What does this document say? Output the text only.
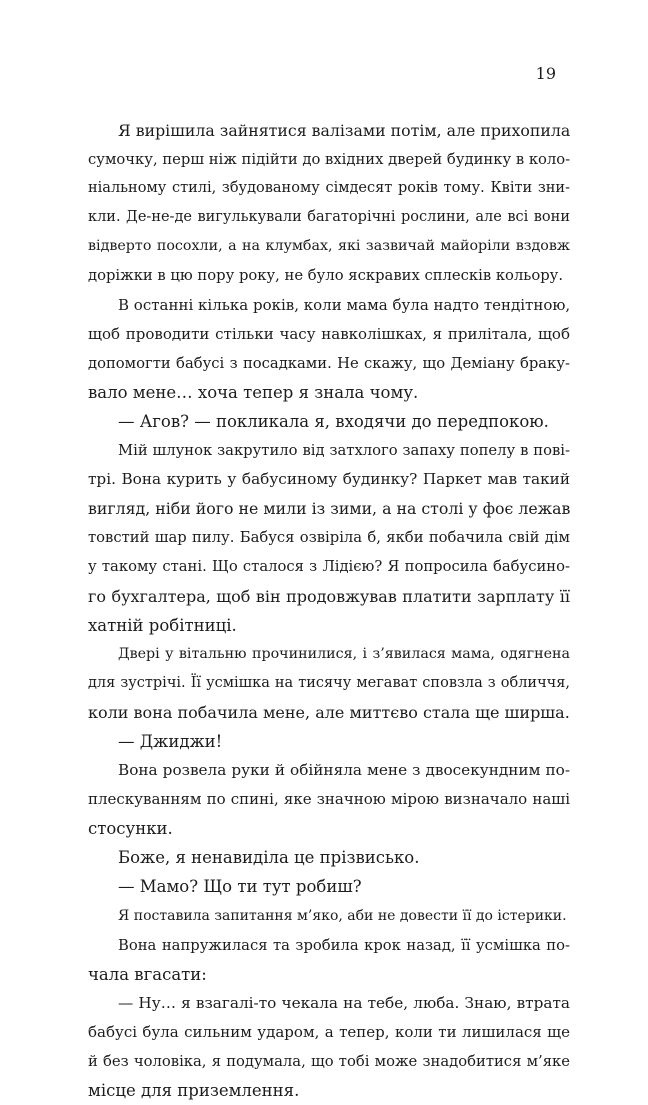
19
Я вирішила зайнятися валізами потім, але прихопила
сумочку, перш ніж підійти до вхідних дверей будинку в коло-
ніальному стилі, збудованому сімдесят років тому. Квіти зни-
кли. Де-не-де вигулькували багаторічні рослини, але всі вони
відверто посохли, а на клумбах, які зазвичай майоріли вздовж
доріжки в цю пору року, не було яскравих сплесків кольору.
В останні кілька років, коли мама була надто тендітною,
щоб проводити стільки часу навколішках, я прилітала, щоб
допомогти бабусі з посадками. Не скажу, що Деміану браку-
вало мене… хоча тепер я знала чому.
— Агов? — покликала я, входячи до передпокою.
Мій шлунок закрутило від затхлого запаху попелу в пові-
трі. Вона курить у бабусиному будинку? Паркет мав такий
вигляд, ніби його не мили із зими, а на столі у фоє лежав
товстий шар пилу. Бабуся озвіріла б, якби побачила свій дім
у такому стані. Що сталося з Лідією? Я попросила бабусино-
го бухгалтера, щоб він продовжував платити зарплату її
хатній робітниці.
Двері у вітальню прочинилися, і з’явилася мама, одягнена
для зустрічі. Її усмішка на тисячу мегават сповзла з обличчя,
коли вона побачила мене, але миттєво стала ще ширша.
— Джиджи!
Вона розвела руки й обійняла мене з двосекундним по-
плескуванням по спині, яке значною мірою визначало наші
стосунки.
Боже, я ненавиділа це прізвисько.
— Мамо? Що ти тут робиш?
Я поставила запитання м’яко, аби не довести її до істерики.
Вона напружилася та зробила крок назад, її усмішка по-
чала вгасати:
— Ну… я взагалі-то чекала на тебе, люба. Знаю, втрата
бабусі була сильним ударом, а тепер, коли ти лишилася ще
й без чоловіка, я подумала, що тобі може знадобитися м’яке
місце для приземлення.
